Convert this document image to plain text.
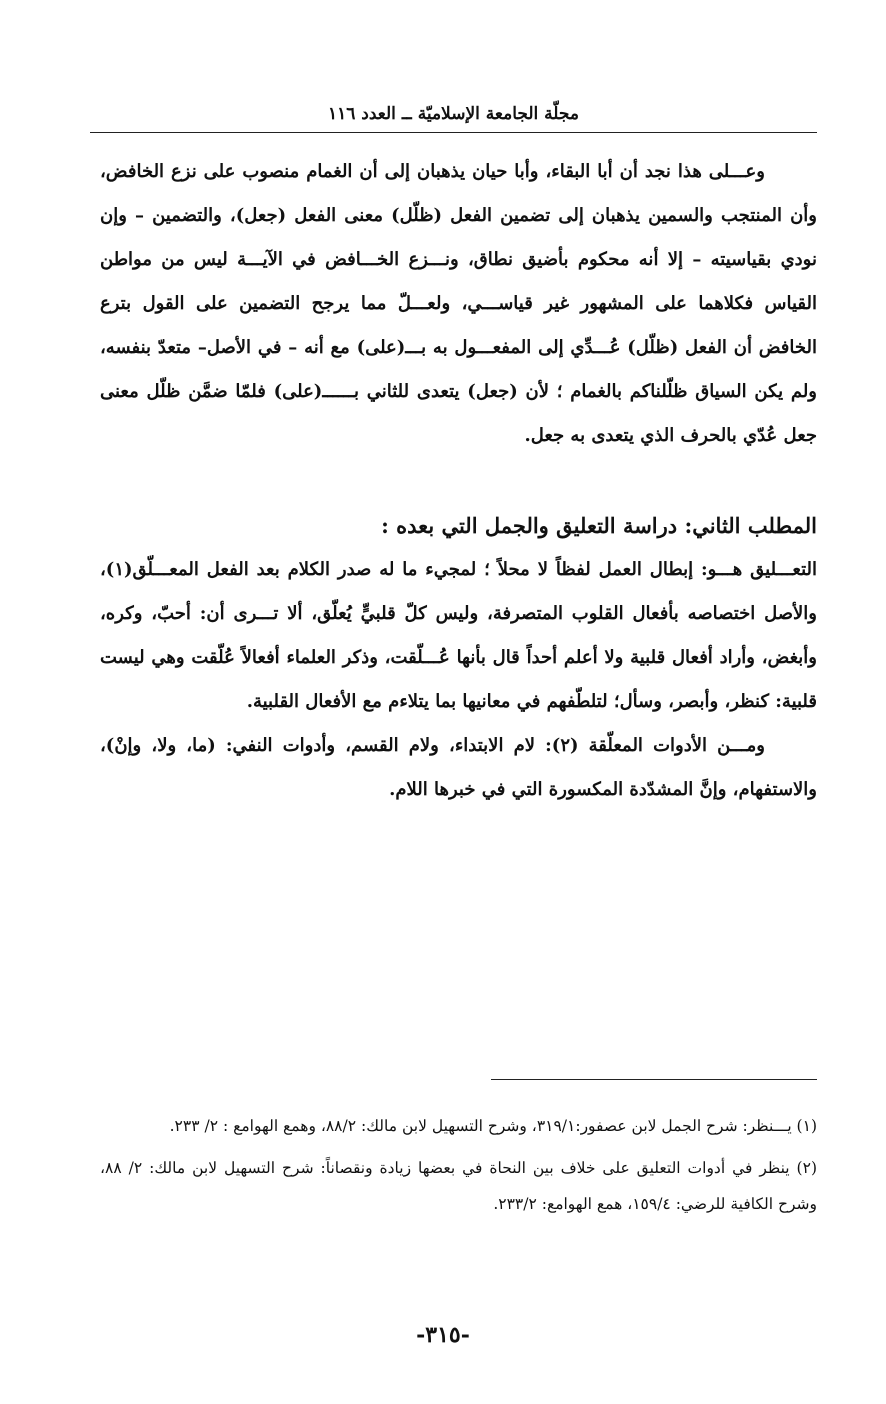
مجلّة الجامعة الإسلاميّة ــ العدد ١١٦

وعـــلى هذا نجد أن أبا البقاء، وأبا حيان يذهبان إلى أن الغمام منصوب على نزع الخافض، وأن المنتجب والسمين يذهبان إلى تضمين الفعل (ظلّل) معنى الفعل (جعل)، والتضمين – وإن نودي بقياسيته – إلا أنه محكوم بأضيق نطاق، ونـــزع الخـــافض في الآيـــة ليس من مواطن القياس فكلاهما على المشهور غير قياســـي، ولعـــلّ مما يرجح التضمين على القول بترع الخافض أن الفعل (ظلّل) عُـــدِّي إلى المفعـــول به بـــ(على) مع أنه – في الأصل– متعدّ بنفسه، ولم يكن السياق ظلّلناكم بالغمام ؛ لأن (جعل) يتعدى للثاني بــــــ(على) فلمّا ضمَّن ظلّل معنى جعل عُدّي بالحرف الذي يتعدى به جعل.

المطلب الثاني: دراسة التعليق والجمل التي بعده :

التعـــليق هـــو: إبطال العمل لفظاً لا محلاً ؛ لمجيء ما له صدر الكلام بعد الفعل المعـــلّق(١)، والأصل اختصاصه بأفعال القلوب المتصرفة، وليس كلّ قلبيٍّ يُعلّق، ألا تـــرى أن: أحبّ، وكره، وأبغض، وأراد أفعال قلبية ولا أعلم أحداً قال بأنها عُـــلّقت، وذكر العلماء أفعالاً عُلّقت وهي ليست قلبية: كنظر، وأبصر، وسأل؛ لتلطّفهم في معانيها بما يتلاءم مع الأفعال القلبية.

ومـــن الأدوات المعلّقة (٢): لام الابتداء، ولام القسم، وأدوات النفي: (ما، ولا، وإنْ)، والاستفهام، وإنَّ المشدّدة المكسورة التي في خبرها اللام.

(١) يـــنظر: شرح الجمل لابن عصفور:٣١٩/١، وشرح التسهيل لابن مالك: ٨٨/٢، وهمع الهوامع : ٢/ ٢٣٣.

(٢) ينظر في أدوات التعليق على خلاف بين النحاة في بعضها زيادة ونقصاناً: شرح التسهيل لابن مالك: ٢/ ٨٨، وشرح الكافية للرضي: ١٥٩/٤، همع الهوامع: ٢٣٣/٢.

-٣١٥-
